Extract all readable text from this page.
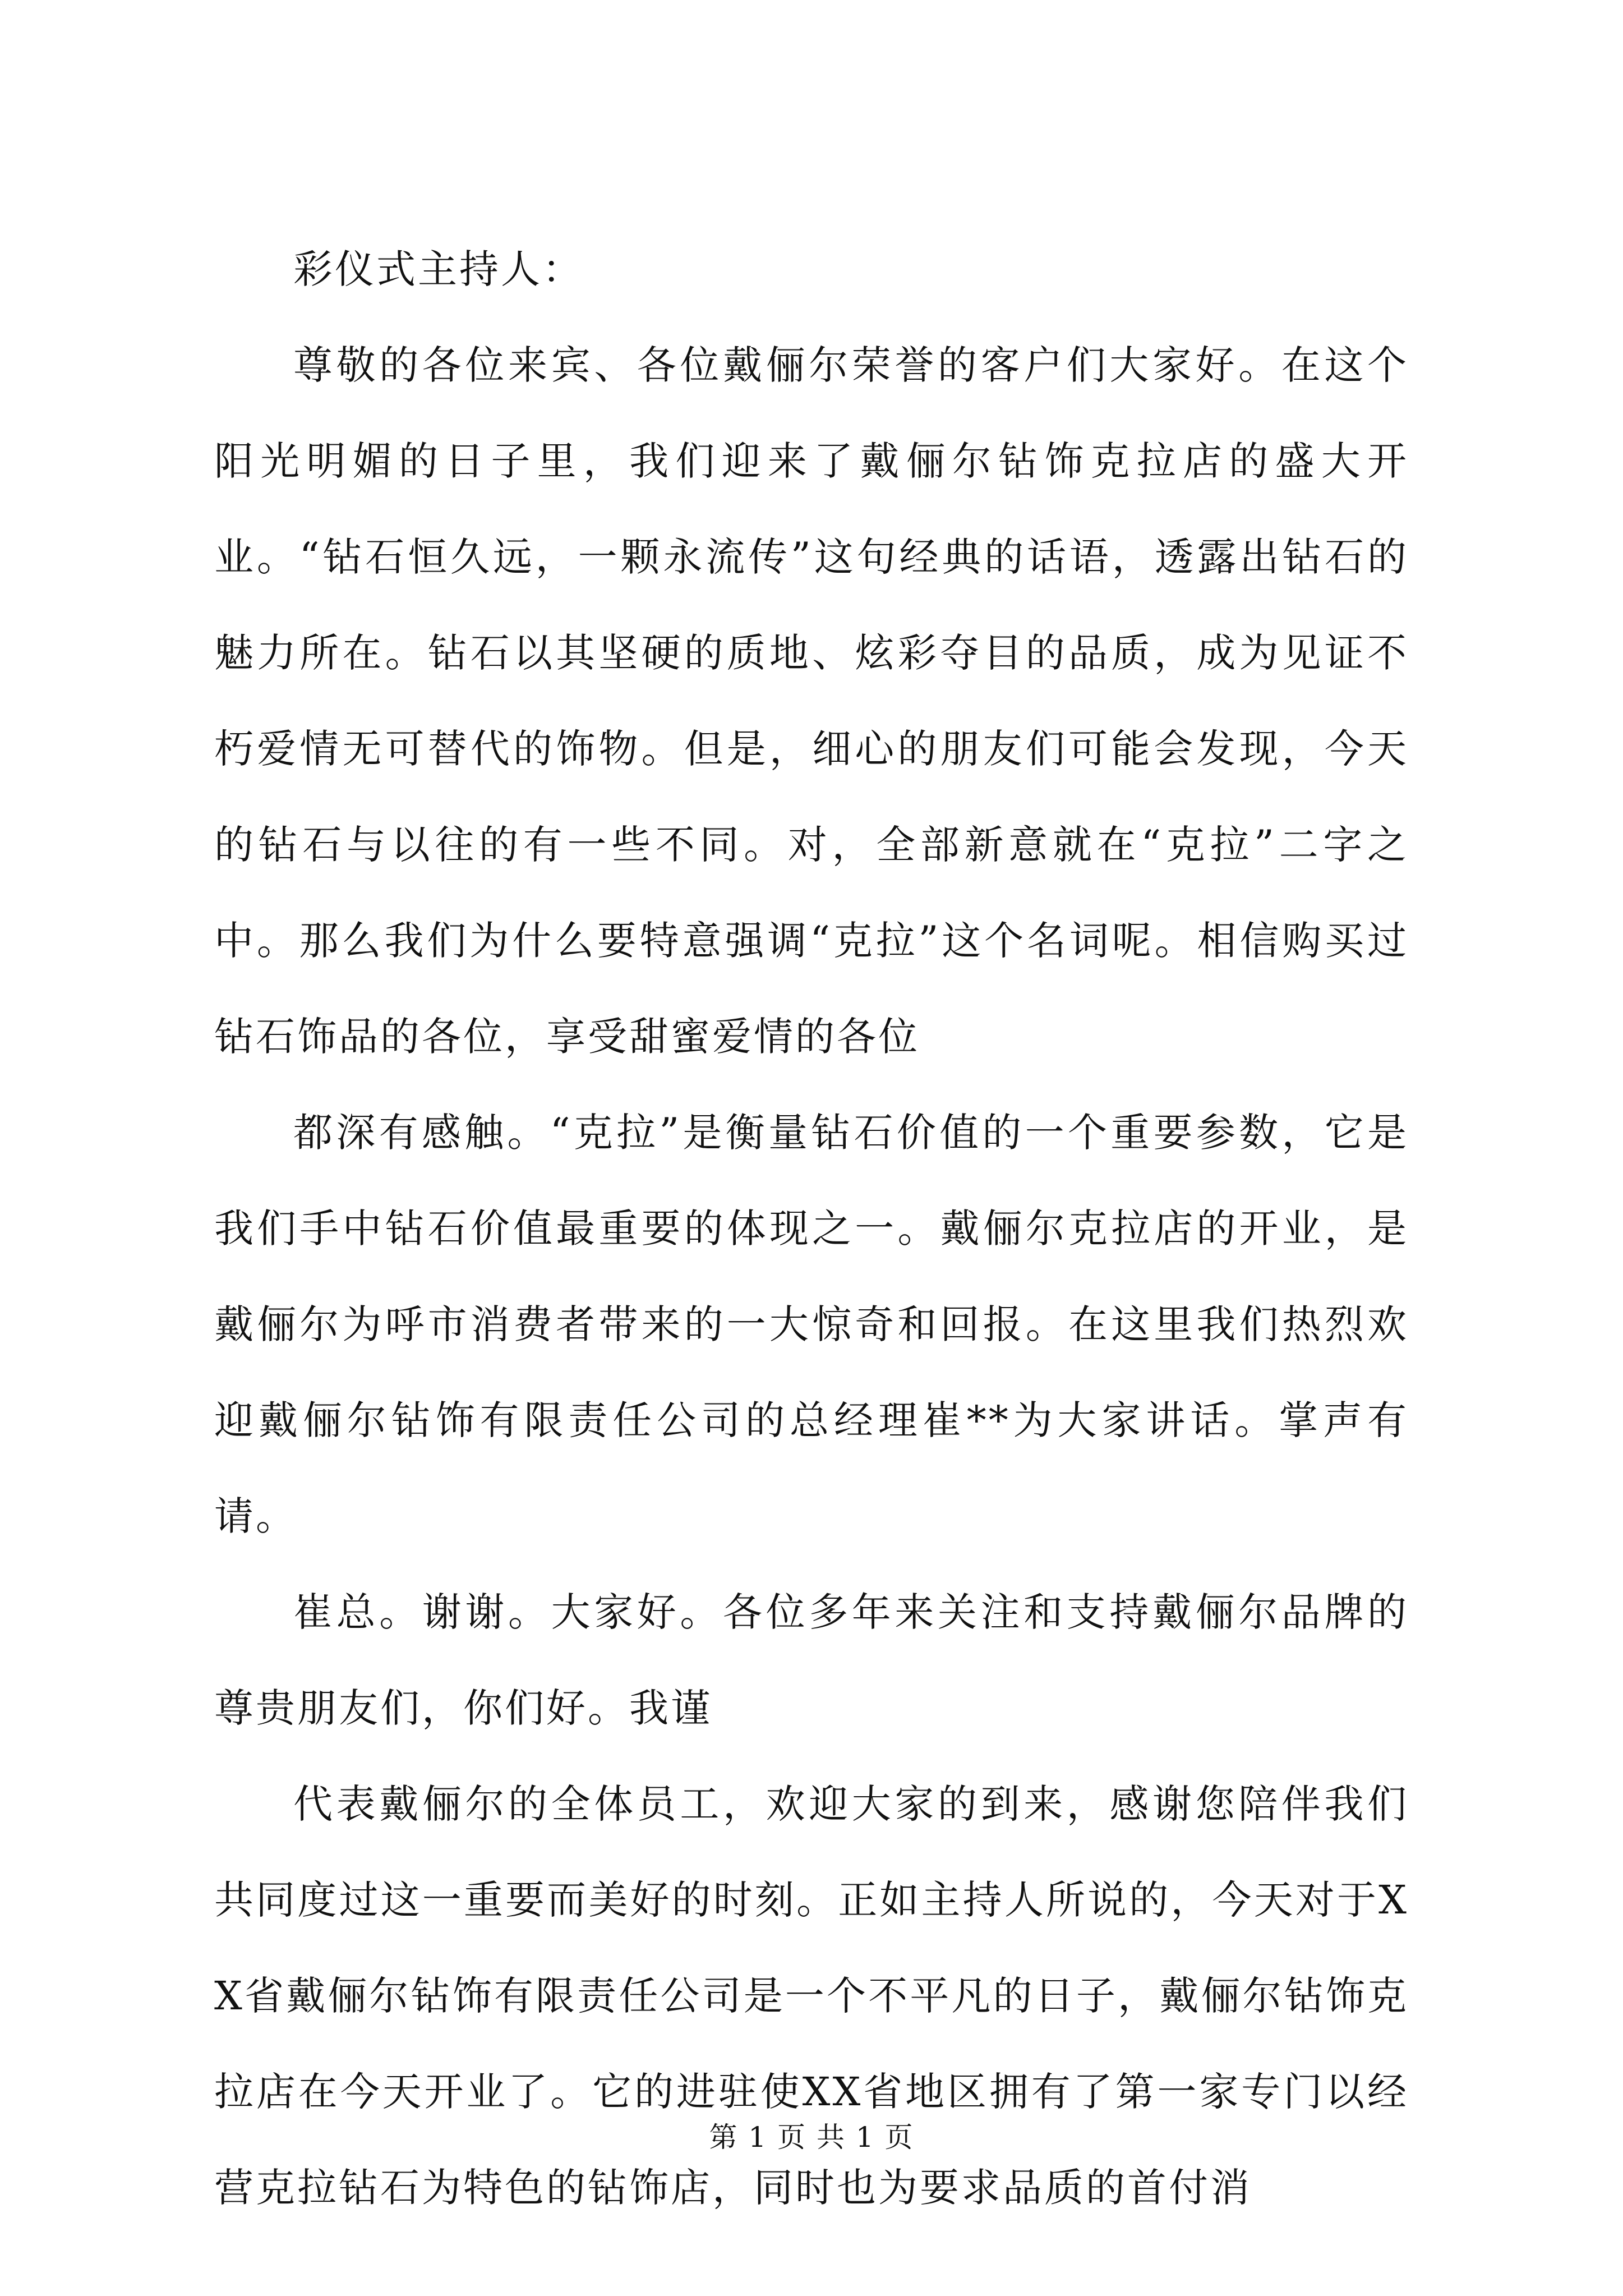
彩仪式主持人：

尊敬的各位来宾、各位戴俪尔荣誉的客户们大家好。在这个阳光明媚的日子里，我们迎来了戴俪尔钻饰克拉店的盛大开业。“钻石恒久远，一颗永流传”这句经典的话语，透露出钻石的魅力所在。钻石以其坚硬的质地、炫彩夺目的品质，成为见证不朽爱情无可替代的饰物。但是，细心的朋友们可能会发现，今天的钻石与以往的有一些不同。对，全部新意就在“克拉”二字之中。那么我们为什么要特意强调“克拉”这个名词呢。相信购买过钻石饰品的各位，享受甜蜜爱情的各位

都深有感触。“克拉”是衡量钻石价值的一个重要参数，它是我们手中钻石价值最重要的体现之一。戴俪尔克拉店的开业，是戴俪尔为呼市消费者带来的一大惊奇和回报。在这里我们热烈欢迎戴俪尔钻饰有限责任公司的总经理崔**为大家讲话。掌声有请。

崔总。谢谢。大家好。各位多年来关注和支持戴俪尔品牌的尊贵朋友们，你们好。我谨

代表戴俪尔的全体员工，欢迎大家的到来，感谢您陪伴我们共同度过这一重要而美好的时刻。正如主持人所说的，今天对于XX省戴俪尔钻饰有限责任公司是一个不平凡的日子，戴俪尔钻饰克拉店在今天开业了。它的进驻使XX省地区拥有了第一家专门以经营克拉钻石为特色的钻饰店，同时也为要求品质的首付消

第 1 页 共 1 页
